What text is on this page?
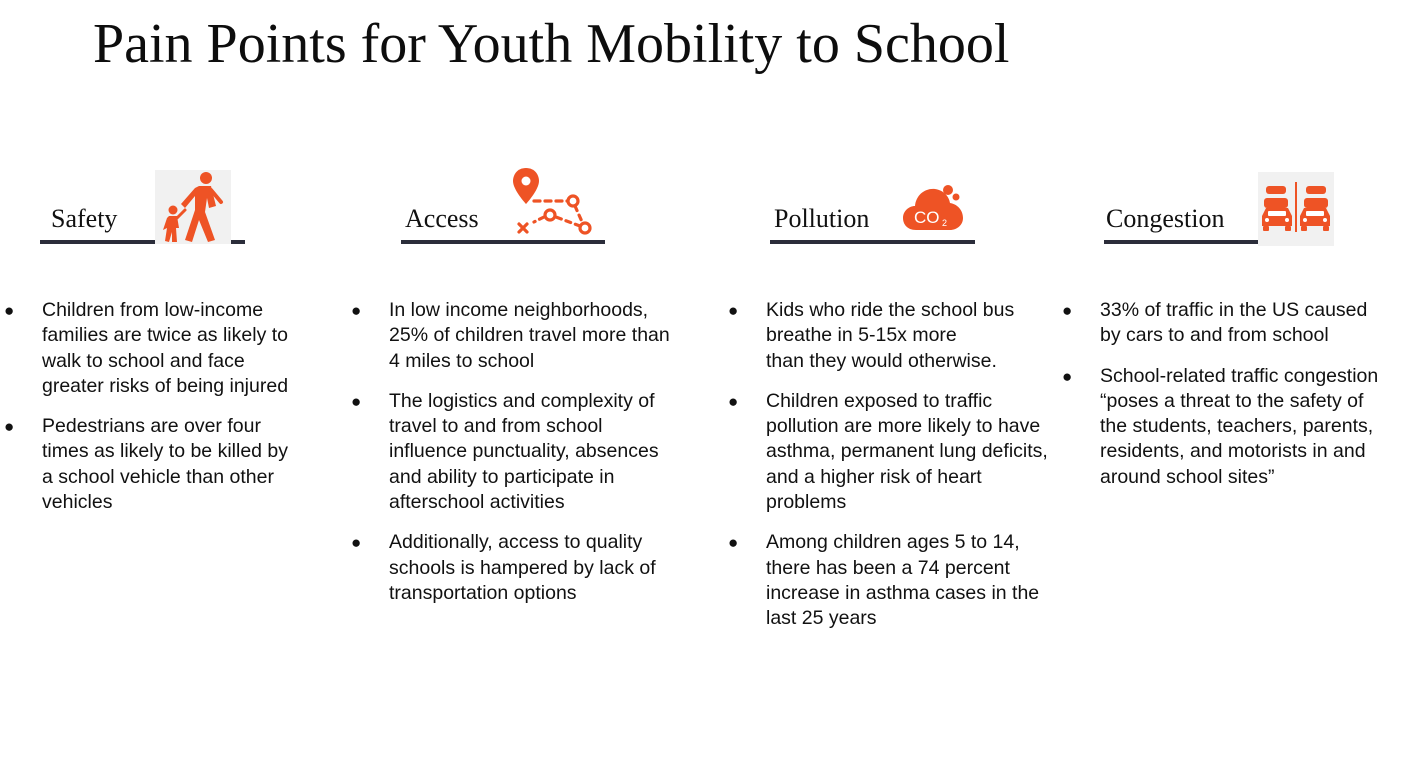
Pain Points for Youth Mobility to School
Safety
● Children from low-income
families are twice as likely to
walk to school and face
greater risks of being injured
● Pedestrians are over four
times as likely to be killed by
a school vehicle than other
vehicles
Access
● In low income neighborhoods,
25% of children travel more than
4 miles to school
● The logistics and complexity of
travel to and from school
influence punctuality, absences
and ability to participate in
afterschool activities
● Additionally, access to quality
schools is hampered by lack of
transportation options
Pollution	CO 2
● Kids who ride the school bus
breathe in 5-15x more
than they would otherwise.
● Children exposed to traffic
pollution are more likely to have
asthma, permanent lung deficits,
and a higher risk of heart
problems
● Among children ages 5 to 14,
there has been a 74 percent
increase in asthma cases in the
last 25 years
Congestion
● 33% of traffic in the US caused
by cars to and from school
● School-related traffic congestion
“poses a threat to the safety of
the students, teachers, parents,
residents, and motorists in and
around school sites”
